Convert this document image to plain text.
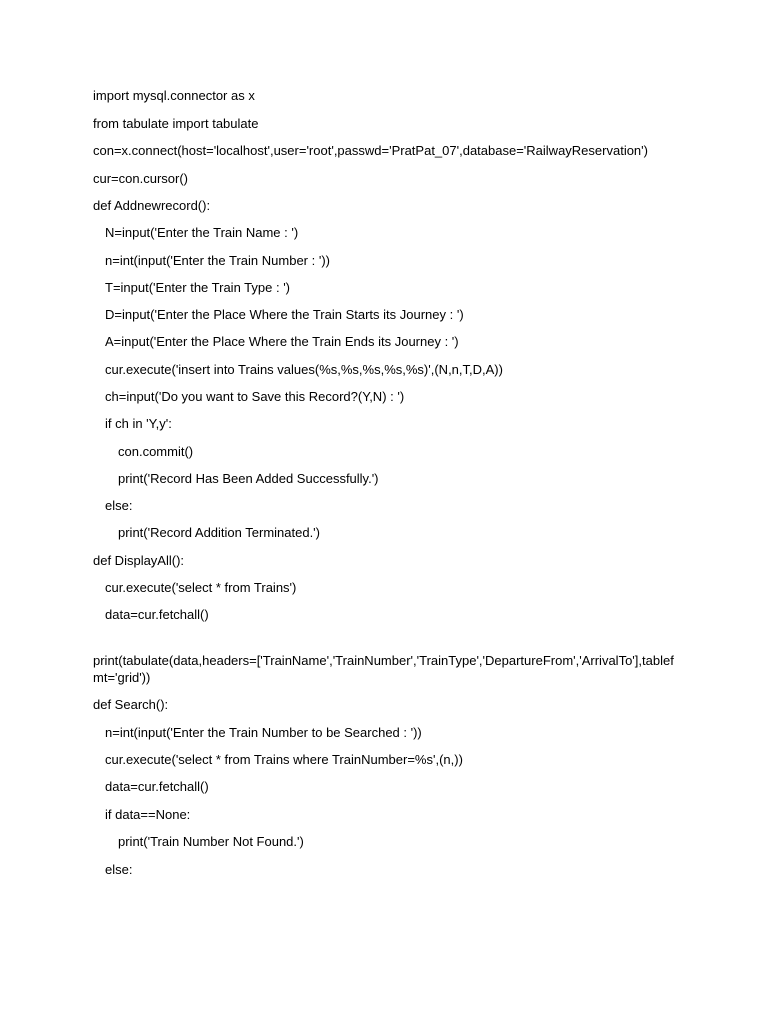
import mysql.connector as x
from tabulate import tabulate
con=x.connect(host='localhost',user='root',passwd='PratPat_07',database='RailwayReservation')
cur=con.cursor()
def Addnewrecord():
N=input('Enter the Train Name : ')
n=int(input('Enter the Train Number : '))
T=input('Enter the Train Type : ')
D=input('Enter the Place Where the Train Starts its Journey : ')
A=input('Enter the Place Where the Train Ends its Journey : ')
cur.execute('insert into Trains values(%s,%s,%s,%s,%s)',(N,n,T,D,A))
ch=input('Do you want to Save this Record?(Y,N) : ')
if ch in 'Y,y':
con.commit()
print('Record Has Been Added Successfully.')
else:
print('Record Addition Terminated.')
def DisplayAll():
cur.execute('select * from Trains')
data=cur.fetchall()
print(tabulate(data,headers=['TrainName','TrainNumber','TrainType','DepartureFrom','ArrivalTo'],tablefmt='grid'))
def Search():
n=int(input('Enter the Train Number to be Searched : '))
cur.execute('select * from Trains where TrainNumber=%s',(n,))
data=cur.fetchall()
if data==None:
print('Train Number Not Found.')
else:
